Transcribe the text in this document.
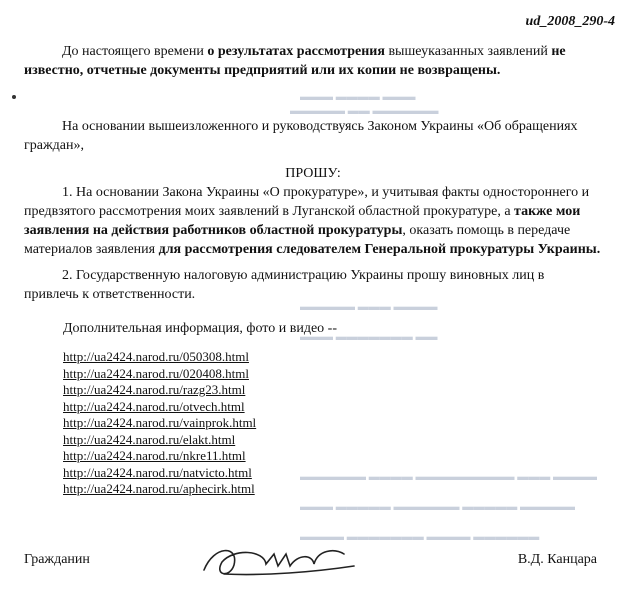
▬▬▬ ▬▬▬▬ ▬▬▬
▬▬▬▬▬ ▬▬ ▬▬▬▬▬▬
▬▬▬▬▬ ▬▬▬ ▬▬▬▬
▬▬▬ ▬▬▬▬▬▬▬ ▬▬
▬▬▬▬▬▬ ▬▬▬▬ ▬▬▬▬▬▬▬▬▬ ▬▬▬ ▬▬▬▬
▬▬▬ ▬▬▬▬▬ ▬▬▬▬▬▬ ▬▬▬▬▬ ▬▬▬▬▬
▬▬▬▬ ▬▬▬▬▬▬▬ ▬▬▬▬ ▬▬▬▬▬▬
ud_2008_290-4
До настоящего времени о результатах рассмотрения вышеуказанных заявлений не известно, отчетные документы предприятий или их копии не возвращены.
На основании вышеизложенного и руководствуясь Законом Украины «Об обращениях граждан»,
ПРОШУ:
1. На основании Закона Украины «О прокуратуре», и учитывая факты одностороннего и предвзятого рассмотрения моих заявлений в Луганской областной прокуратуре, а также мои заявления на действия работников областной прокуратуры, оказать помощь в передаче материалов заявления для рассмотрения следователем Генеральной прокуратуры Украины.
2. Государственную налоговую администрацию Украины прошу виновных лиц в привлечь к ответственности.
Дополнительная информация, фото и видео --
http://ua2424.narod.ru/050308.html
http://ua2424.narod.ru/020408.html
http://ua2424.narod.ru/razg23.html
http://ua2424.narod.ru/otvech.html
http://ua2424.narod.ru/vainprok.html
http://ua2424.narod.ru/elakt.html
http://ua2424.narod.ru/nkre11.html
http://ua2424.narod.ru/natvicto.html
http://ua2424.narod.ru/aphecirk.html
Гражданин	В.Д. Канцара
